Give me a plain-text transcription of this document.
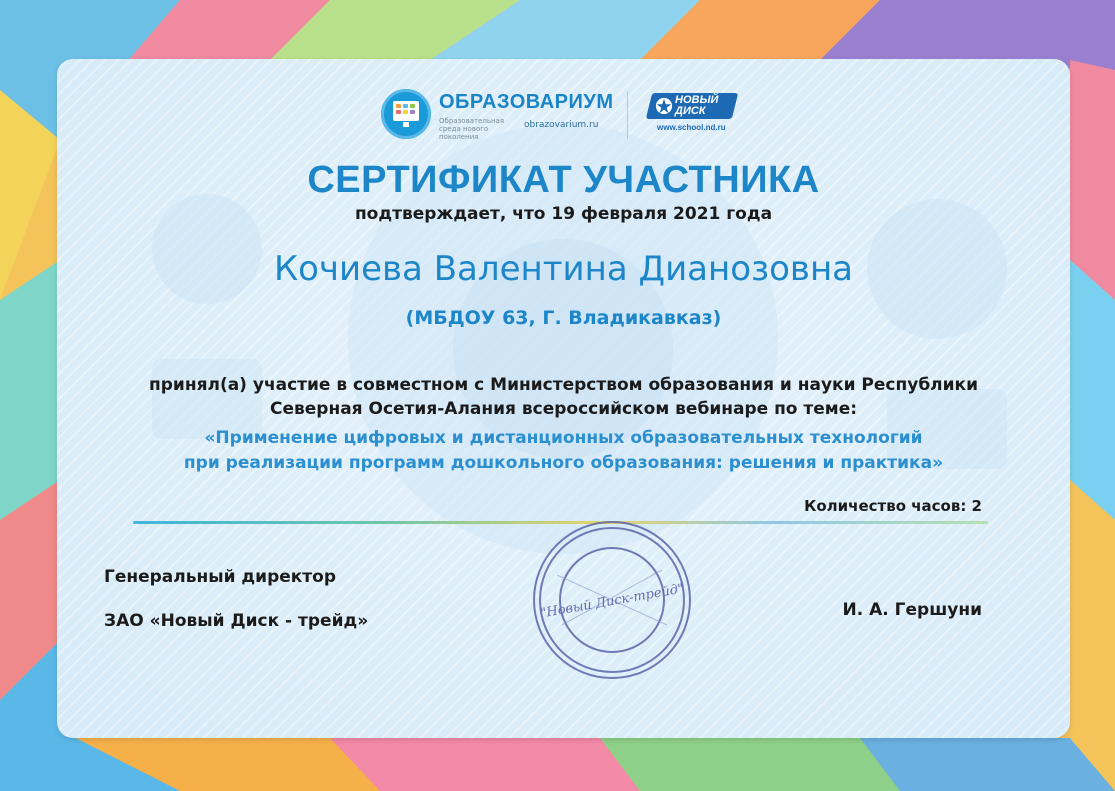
ОБРАЗОВАРИУМ
Образовательная среда нового поколения
obrazovarium.ru
НОВЫЙ
ДИСК
www.school.nd.ru
СЕРТИФИКАТ УЧАСТНИКА
подтверждает, что 19 февраля 2021 года
Кочиева Валентина Дианозовна
(МБДОУ 63, Г. Владикавказ)
принял(а) участие в совместном с Министерством образования и науки Республики
Северная Осетия-Алания всероссийском вебинаре по теме:
«Применение цифровых и дистанционных образовательных технологий
при реализации программ дошкольного образования: решения и практика»
Количество часов: 2
Генеральный директор
ЗАО «Новый Диск - трейд»
И. А. Гершуни
"Новый Диск-трейд"
